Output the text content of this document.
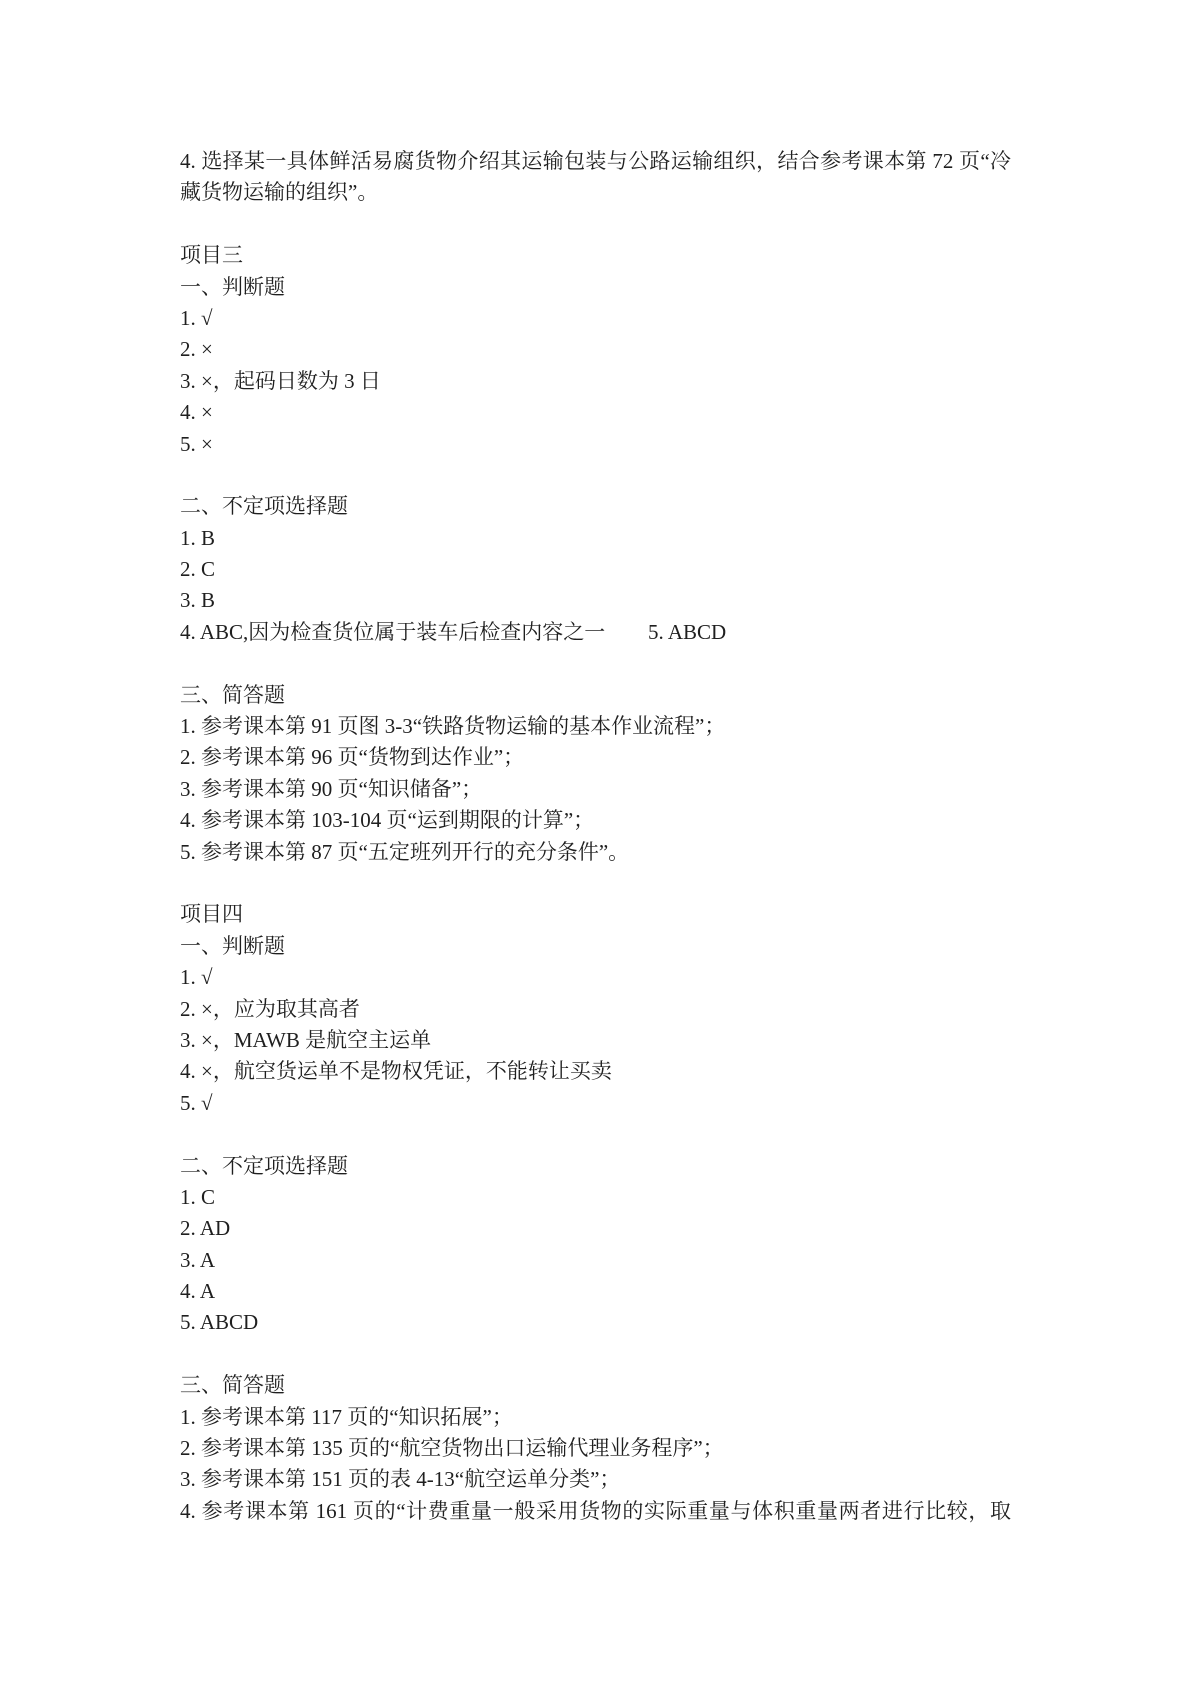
4. 选择某一具体鲜活易腐货物介绍其运输包装与公路运输组织，结合参考课本第 72 页“冷
藏货物运输的组织”。
项目三
一、判断题
1. √
2. ×
3. ×，起码日数为 3 日
4. ×
5. ×
二、不定项选择题
1. B
2. C
3. B
4. ABC,因为检查货位属于装车后检查内容之一 5. ABCD
三、简答题
1. 参考课本第 91 页图 3-3“铁路货物运输的基本作业流程”；
2. 参考课本第 96 页“货物到达作业”；
3. 参考课本第 90 页“知识储备”；
4. 参考课本第 103-104 页“运到期限的计算”；
5. 参考课本第 87 页“五定班列开行的充分条件”。
项目四
一、判断题
1. √
2. ×，应为取其高者
3. ×，MAWB 是航空主运单
4. ×，航空货运单不是物权凭证，不能转让买卖
5. √
二、不定项选择题
1. C
2. AD
3. A
4. A
5. ABCD
三、简答题
1. 参考课本第 117 页的“知识拓展”；
2. 参考课本第 135 页的“航空货物出口运输代理业务程序”；
3. 参考课本第 151 页的表 4-13“航空运单分类”；
4. 参考课本第 161 页的“计费重量一般采用货物的实际重量与体积重量两者进行比较，取
